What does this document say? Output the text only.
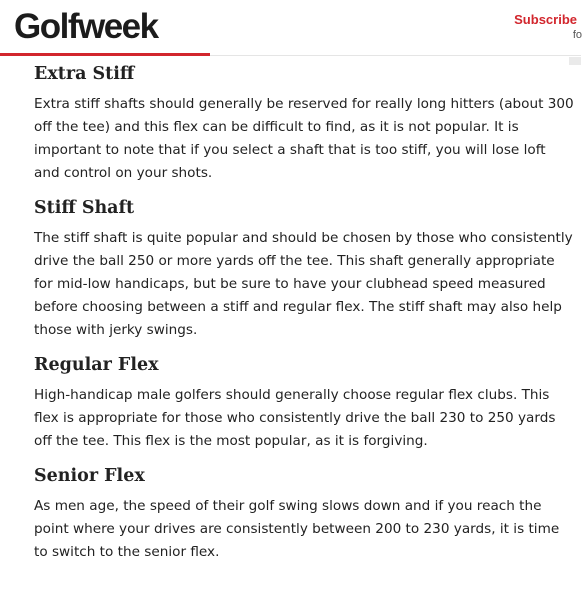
Golfweek	Subscribe
fo
Extra Stiff

Extra stiff shafts should generally be reserved for really long hitters (about 300 off the tee) and this flex can be difficult to find, as it is not popular. It is important to note that if you select a shaft that is too stiff, you will lose loft and control on your shots.

Stiff Shaft

The stiff shaft is quite popular and should be chosen by those who consistently drive the ball 250 or more yards off the tee. This shaft generally appropriate for mid-low handicaps, but be sure to have your clubhead speed measured before choosing between a stiff and regular flex. The stiff shaft may also help those with jerky swings.

Regular Flex

High-handicap male golfers should generally choose regular flex clubs. This flex is appropriate for those who consistently drive the ball 230 to 250 yards off the tee. This flex is the most popular, as it is forgiving.

Senior Flex

As men age, the speed of their golf swing slows down and if you reach the point where your drives are consistently between 200 to 230 yards, it is time to switch to the senior flex.
